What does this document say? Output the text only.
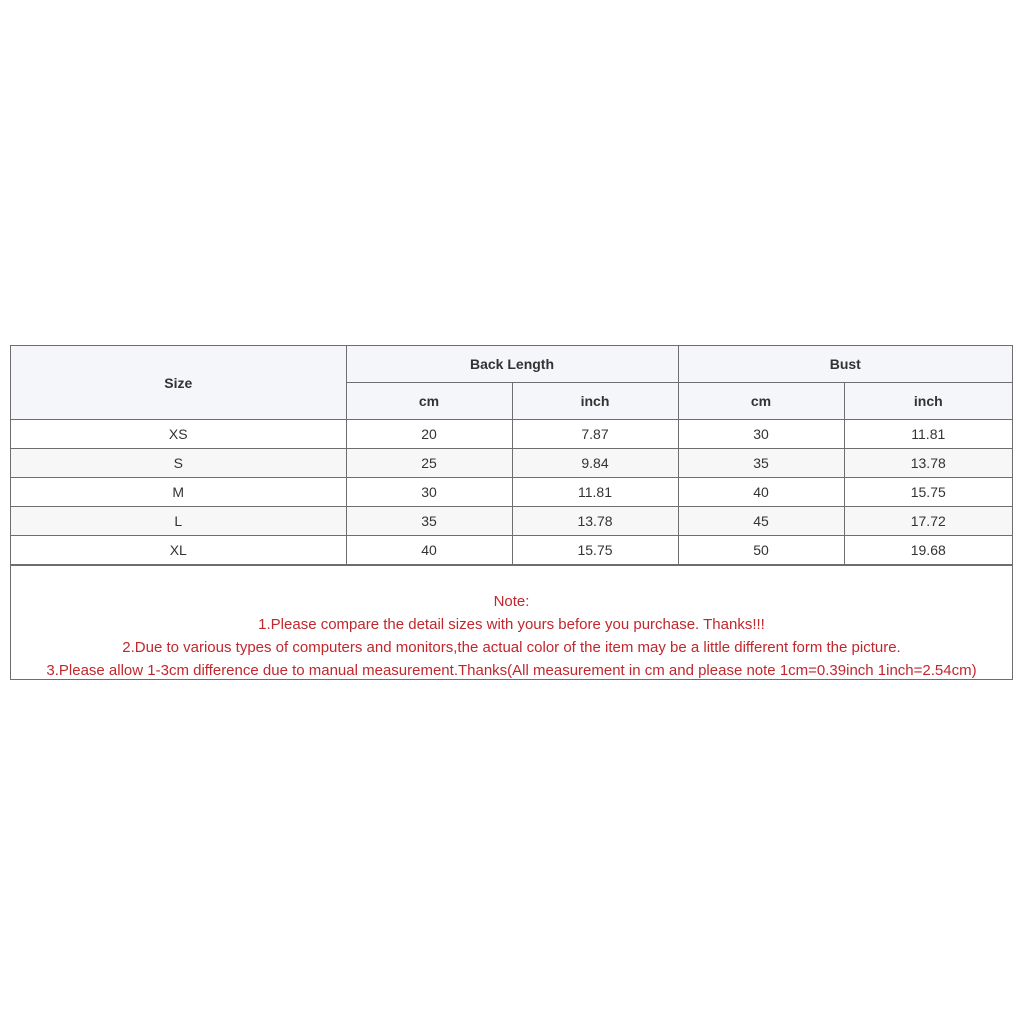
Size	Back Length		Bust	
	cm	inch	cm	inch
XS	20	7.87	30	11.81
S	25	9.84	35	13.78
M	30	11.81	40	15.75
L	35	13.78	45	17.72
XL	40	15.75	50	19.68
Note:
1.Please compare the detail sizes with yours before you purchase. Thanks!!!
2.Due to various types of computers and monitors,the actual color of the item may be a little different form the picture.
3.Please allow 1-3cm difference due to manual measurement.Thanks(All measurement in cm and please note 1cm=0.39inch 1inch=2.54cm)
